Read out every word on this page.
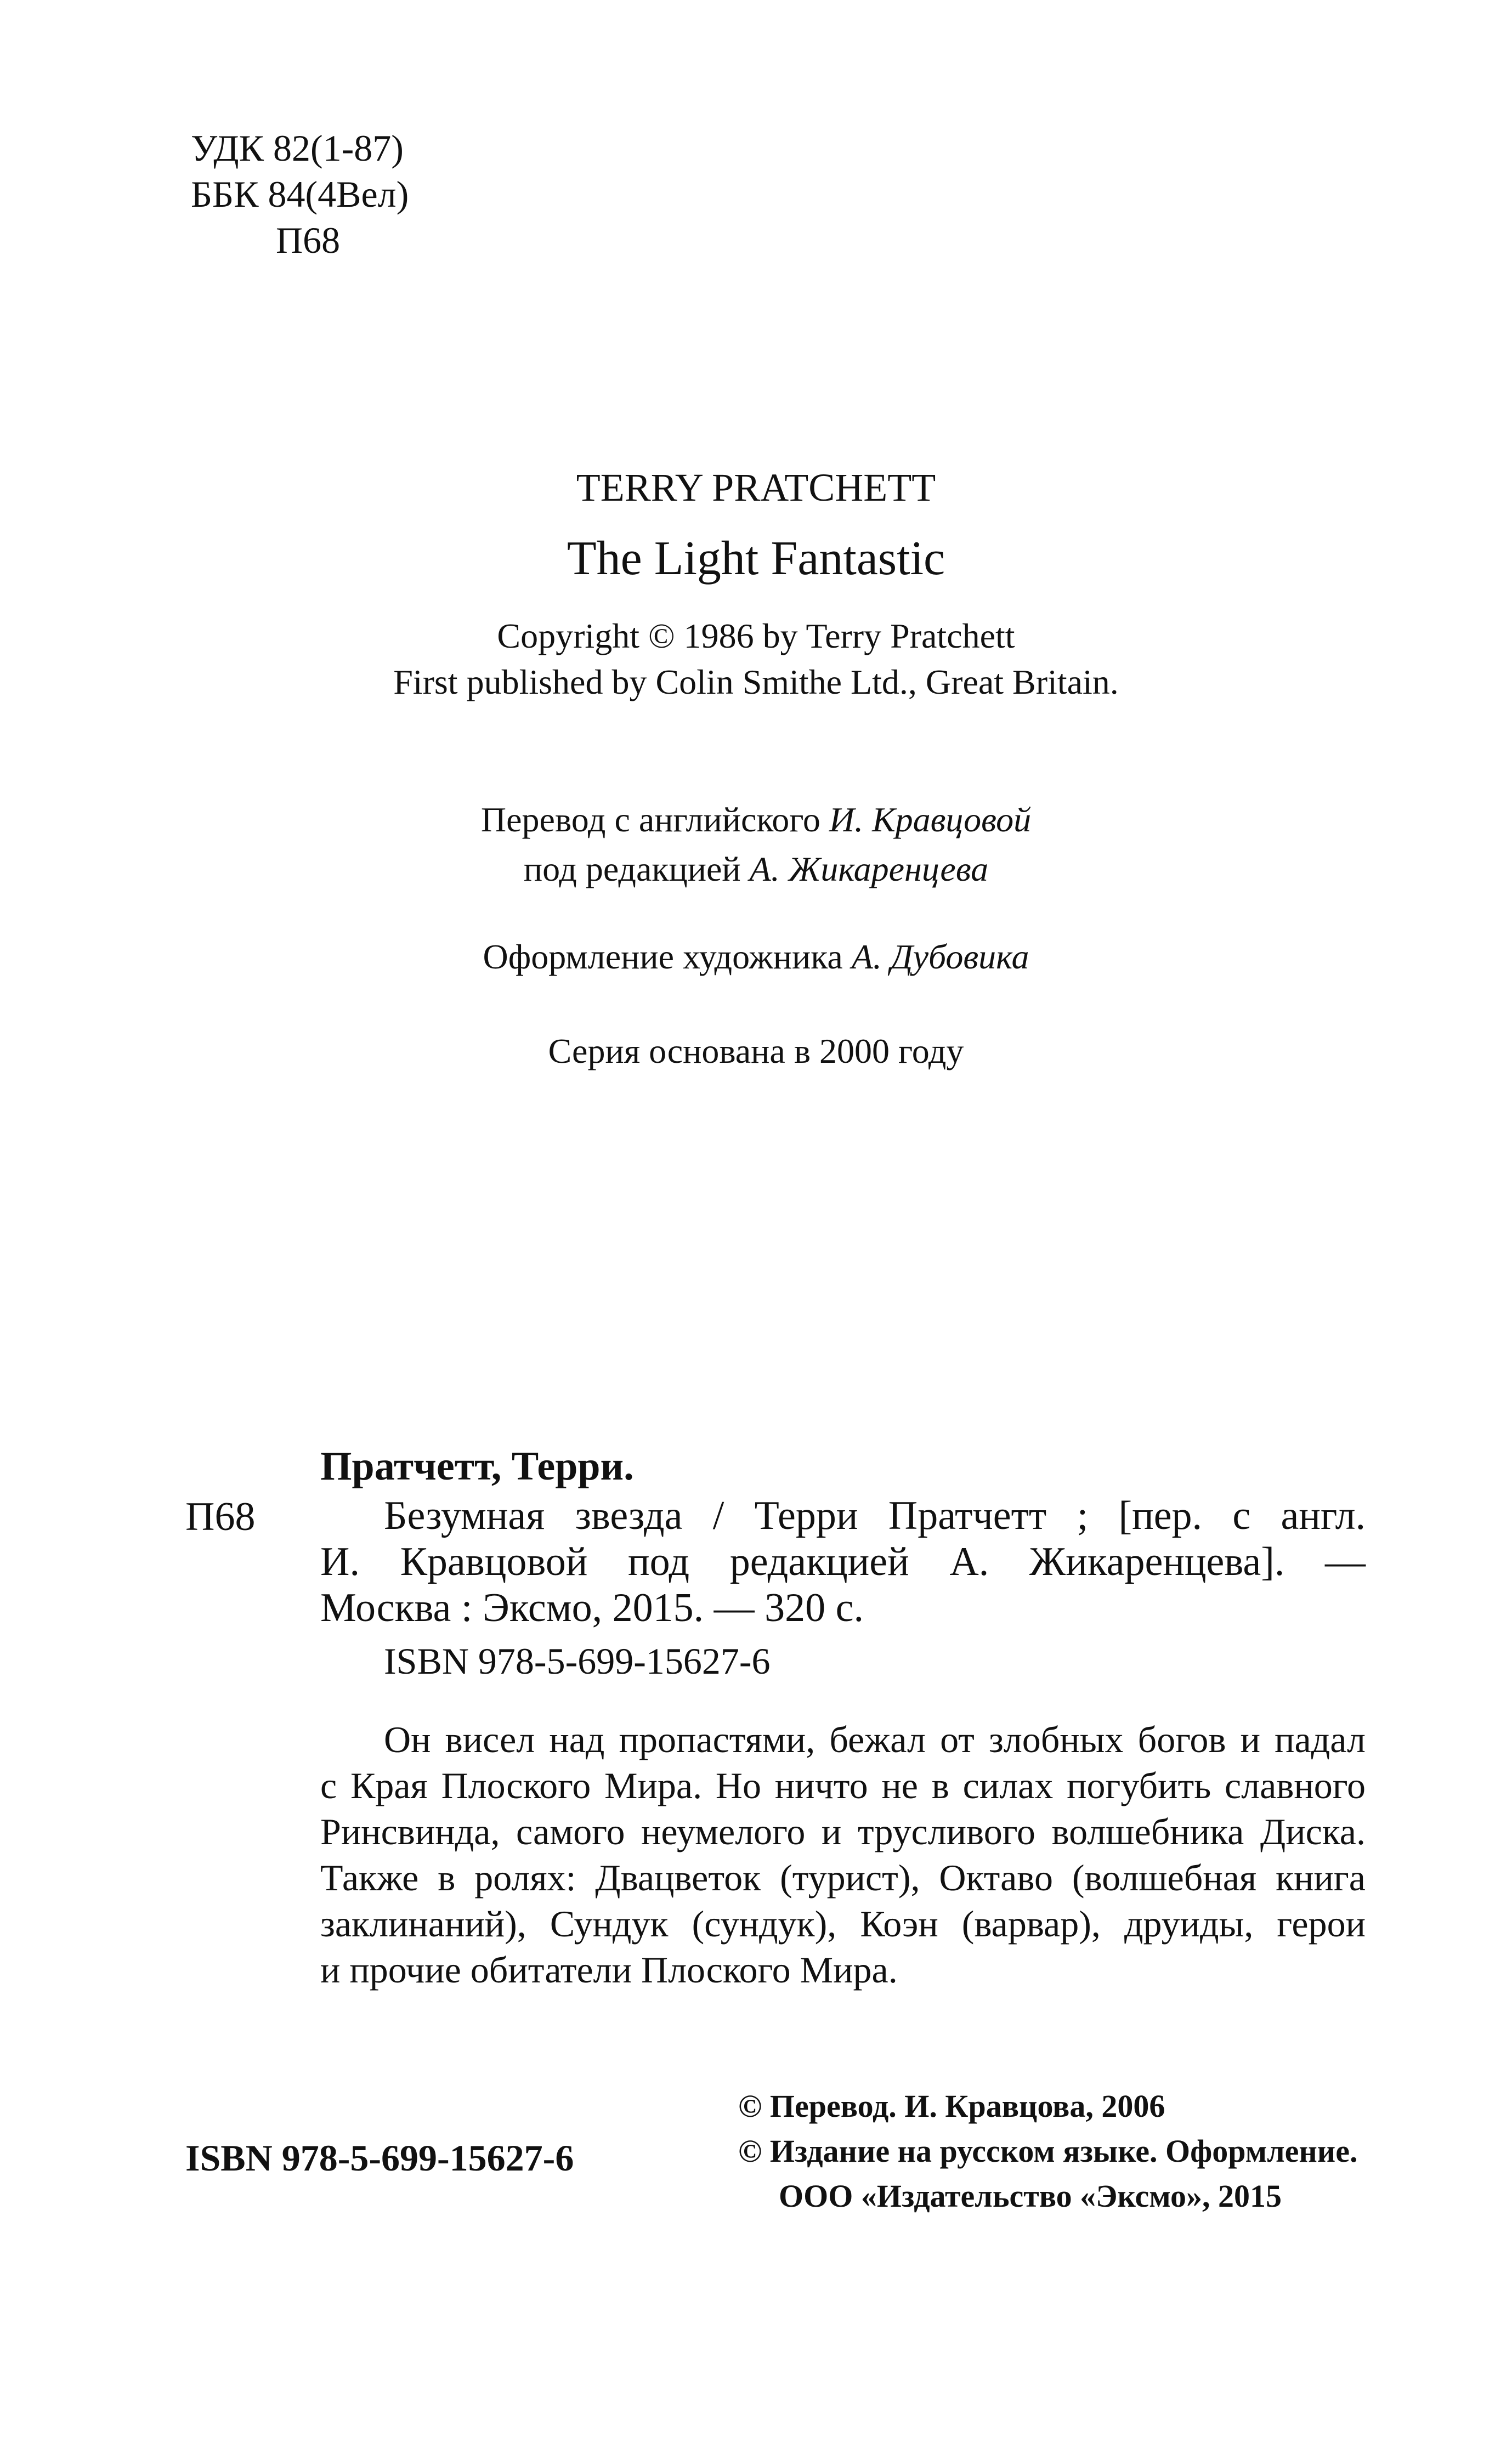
УДК 82(1-87)
ББК 84(4Вел)
П68
TERRY PRATCHETT
The Light Fantastic
Copyright © 1986 by Terry Pratchett
First published by Colin Smithe Ltd., Great Britain.
Перевод с английского И. Кравцовой
под редакцией А. Жикаренцева
Оформление художника А. Дубовика
Серия основана в 2000 году
Пратчетт, Терри.
П68	Безумная звезда / Терри Пратчетт ; [пер. с англ.
И. Кравцовой под редакцией А. Жикаренцева]. —
Москва : Эксмо, 2015. — 320 с.
ISBN 978-5-699-15627-6
Он висел над пропастями, бежал от злобных богов и падал
с Края Плоского Мира. Но ничто не в силах погубить славного
Ринсвинда, самого неумелого и трусливого волшебника Диска.
Также в ролях: Двацветок (турист), Октаво (волшебная книга
заклинаний), Сундук (сундук), Коэн (варвар), друиды, герои
и прочие обитатели Плоского Мира.
ISBN 978-5-699-15627-6
© Перевод. И. Кравцова, 2006
© Издание на русском языке. Оформление.
ООО «Издательство «Эксмо», 2015
